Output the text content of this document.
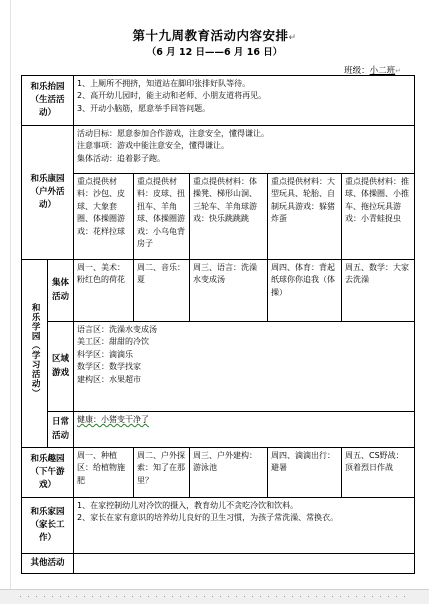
第十九周教育活动内容安排↵
（6 月 12 日——6 月 16 日）
班级：小二班↵
和乐抬园（生活活动）		1、上厕所不拥挤，知道站在脚印张排好队等待。
2、高开幼儿园时，能主动和老师、小朋友道将再见。
3、开动小脑筋，愿意举手回答问题。				

和乐康园（户外活动）		活动目标：愿意参加合作游戏，注意安全，懂得谦让。
注意事项：游戏中能注意安全，懂得谦让。
集体活动：追着影子跑。				

		重点提供材料：沙包、皮球、大象套圈、体操圈游戏：花样拉球	重点提供材料：皮球、扭扭车、羊角球、体操圈游戏：小乌龟背房子	重点提供材料：体操凳、梯形山洞、三轮车、羊角球游戏：快乐跳跳跳	重点提供材料：大型玩具、轮胎、自制玩具游戏：躲猪炸蛋	重点提供材料：推球、体操圈、小推车、拖拉玩具游戏：小青蛙捉虫
和乐学园（学习活动）	集体活动	周一、美术：粉红色的荷花	周二、音乐：夏	周三、语言：洗澡水变成汤	周四、体育：背起纸球你你追我（体操）	周五、数学：大家去洗澡
	区域游戏	语言区：洗澡水变成汤
美工区：甜甜的冷饮
科学区：滴滴乐
数学区：数学找家
建构区：水果超市				

	日常活动	健康：小猪变干净了				

和乐趣园（下午游戏）		周一、种植区：给植物施肥	周二、户外探索：知了在那里？	周三、户外建构：游泳池	周四、滴滴出行：避暑	周五、CS野战：顶着烈日作战
和乐家园（家长工作）		1、在家控制幼儿对冷饮的摄入，教育幼儿不贪吃冷饮和饮料。
2、家长在家有意识的培养幼儿良好的卫生习惯，为孩子常洗澡、常换衣。				

其他活动						
